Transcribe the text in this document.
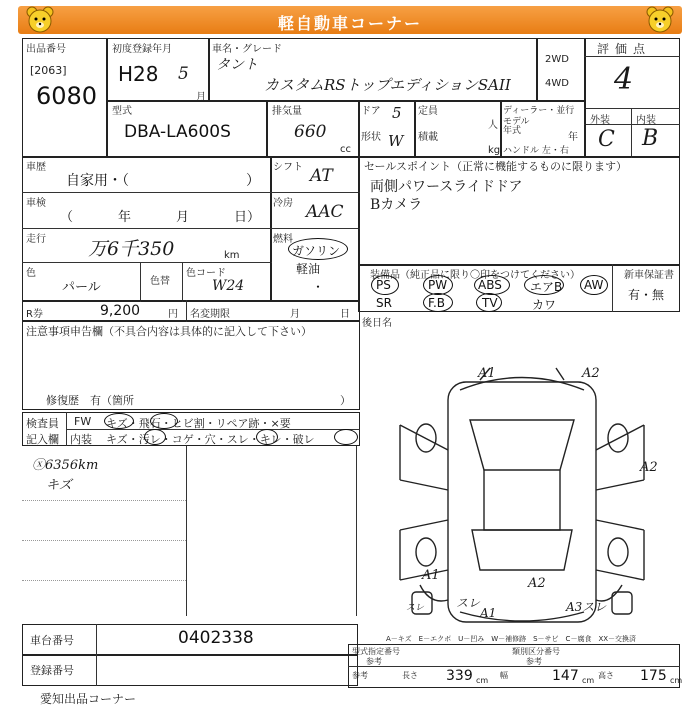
軽自動車コーナー
出品番号
[2063]
6080
初度登録年月
H28 5
月
車名・グレード
タント
カスタムRSトップエディションSAII
2WD
4WD
評価点
4
外装	内装
C B
型式
DBA-LA600S
排気量
660
cc
ドア 5
形状 W
定員
人
積載
kg
ディーラー・並行
モデル年式
年
ハンドル 左・右
車歴
自家用・（	）
車検
（	年	月	日）
走行 万6千350	km
色
パール	色替
色コード
W24
シフト AT
冷房 AAC
燃料
ガソリン
軽油
・
セールスポイント（正常に機能するものに限ります）
両側パワースライドドア
Bカメラ
装備品（純正品に限り〇印をつけてください）	新車保証書
有・無
PS	PW	ABS エアB AW
SR	F.B	TV	カワ
R券	9,200	円 名変期限	月	日
後日名
注意事項申告欄（不具合内容は具体的に記入して下さい）
修復歴　有（箇所	）
検査員
記入欄
FW キズ・飛石・ヒビ割・リペア跡・×要
内装 キズ・汚レ・コゲ・穴・スレ・キレ・破レ
ⓧ6356km
キズ
A1	A2
A2
A1
A2
スレ
A1	A3スレ
スレ
車台番号	0402338
登録番号
A－キズ　E－エクボ　U－凹み　W－補修跡　S－サビ　C－腐食　XX－交換済
型式指定番号
参考
類別区分番号
参考
参考	長さ 339 cm
幅	147 cm
高さ 175 cm
愛知出品コーナー
